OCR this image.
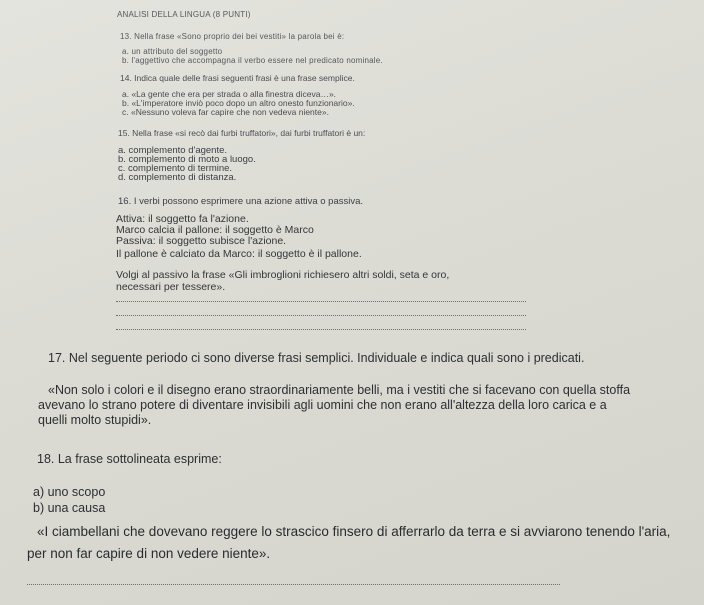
ANALISI DELLA LINGUA (8 PUNTI)

13. Nella frase «Sono proprio dei bei vestiti» la parola bei è:

a. un attributo del soggetto

b. l'aggettivo che accompagna il verbo essere nel predicato nominale.

14. Indica quale delle frasi seguenti frasi è una frase semplice.

a. «La gente che era per strada o alla finestra diceva…».

b. «L'imperatore inviò poco dopo un altro onesto funzionario».

c. «Nessuno voleva far capire che non vedeva niente».

15. Nella frase «si recò dai furbi truffatori», dai furbi truffatori è un:

a. complemento d'agente.

b. complemento di moto a luogo.

c. complemento di termine.

d. complemento di distanza.

16. I verbi possono esprimere una azione attiva o passiva.

Attiva: il soggetto fa l'azione.

Marco calcia il pallone: il soggetto è Marco

Passiva: il soggetto subisce l'azione.

Il pallone è calciato da Marco: il soggetto è il pallone.

Volgi al passivo la frase «Gli imbroglioni richiesero altri soldi, seta e oro,

necessari per tessere».

17. Nel seguente periodo ci sono diverse frasi semplici. Individuale e indica quali sono i predicati.

«Non solo i colori e il disegno erano straordinariamente belli, ma i vestiti che si facevano con quella stoffa

avevano lo strano potere di diventare invisibili agli uomini che non erano all'altezza della loro carica e a

quelli molto stupidi».

18. La frase sottolineata esprime:

a) uno scopo

b) una causa

«I ciambellani che dovevano reggere lo strascico finsero di afferrarlo da terra e si avviarono tenendo l'aria,

per non far capire di non vedere niente».
